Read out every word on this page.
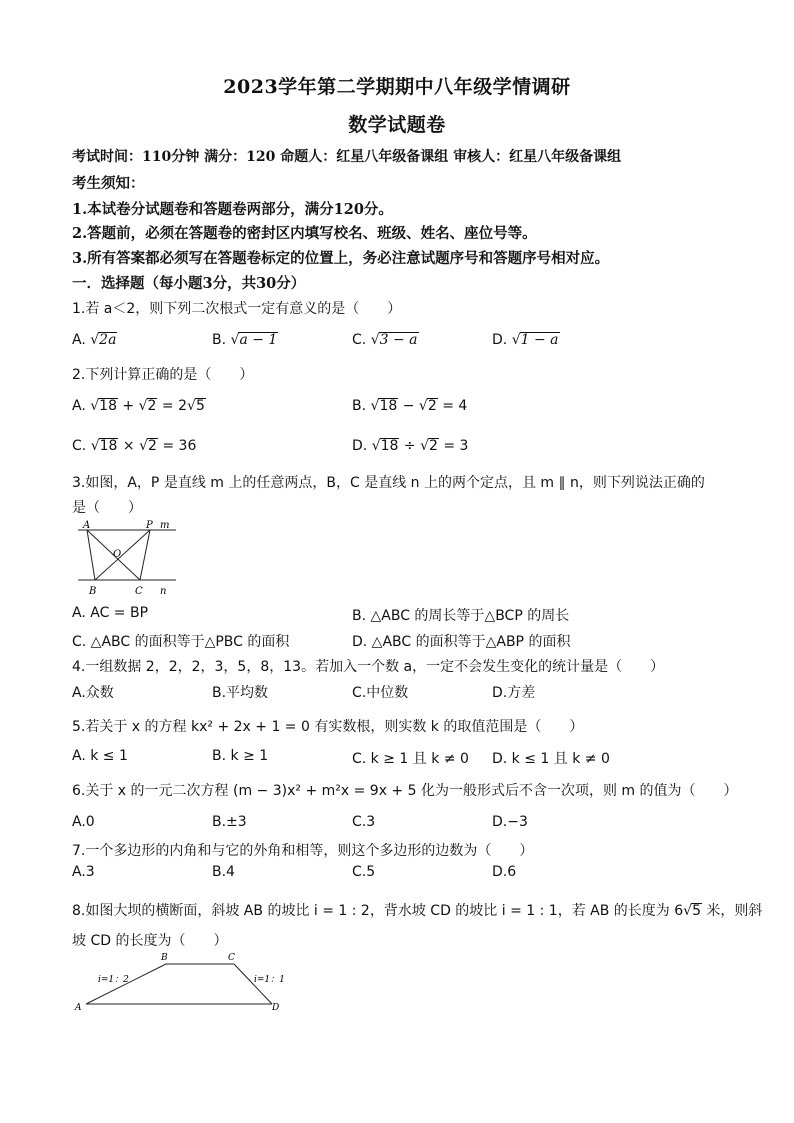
2023学年第二学期期中八年级学情调研
数学试题卷
考试时间：110分钟 满分：120 命题人：红星八年级备课组 审核人：红星八年级备课组
考生须知：
1.本试卷分试题卷和答题卷两部分，满分120分。
2.答题前，必须在答题卷的密封区内填写校名、班级、姓名、座位号等。
3.所有答案都必须写在答题卷标定的位置上，务必注意试题序号和答题序号相对应。
一．选择题（每小题3分，共30分）
1.若 a＜2，则下列二次根式一定有意义的是（　　）
A. √2a	B. √a − 1	C. √3 − a	D. √1 − a
2.下列计算正确的是（　　）
A. √18 + √2 = 2√5	B. √18 − √2 = 4
C. √18 × √2 = 36	D. √18 ÷ √2 = 3
3.如图，A，P 是直线 m 上的任意两点，B，C 是直线 n 上的两个定点，且 m ∥ n，则下列说法正确的
是（　　）
A	P m
O
B	C n
A. AC = BP	B. △ABC 的周长等于△BCP 的周长
C. △ABC 的面积等于△PBC 的面积	D. △ABC 的面积等于△ABP 的面积
4.一组数据 2，2，2，3，5，8，13。若加入一个数 a，一定不会发生变化的统计量是（　　）
A.众数	B.平均数	C.中位数	D.方差
5.若关于 x 的方程 kx² + 2x + 1 = 0 有实数根，则实数 k 的取值范围是（　　）
A. k ≤ 1	B. k ≥ 1	C. k ≥ 1 且 k ≠ 0 D. k ≤ 1 且 k ≠ 0
6.关于 x 的一元二次方程 (m − 3)x² + m²x = 9x + 5 化为一般形式后不含一次项，则 m 的值为（　　）
A.0	B.±3	C.3	D.−3
7.一个多边形的内角和与它的外角和相等，则这个多边形的边数为（　　）
A.3	B.4	C.5	D.6
8.如图大坝的横断面，斜坡 AB 的坡比 i = 1 : 2，背水坡 CD 的坡比 i = 1 : 1，若 AB 的长度为 6√5 米，则斜
坡 CD 的长度为（　　）
B	C
A	D
i=1：2	i=1：1
